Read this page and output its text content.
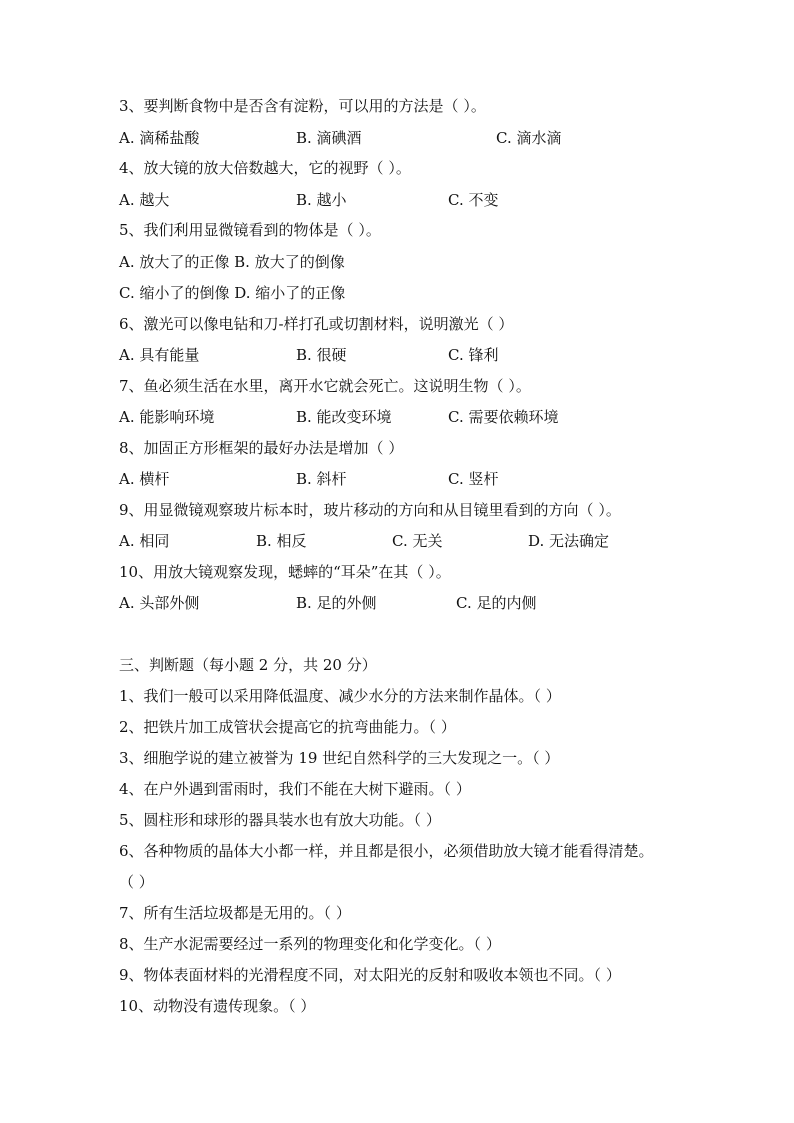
3、要判断食物中是否含有淀粉，可以用的方法是（ ）。
A. 滴稀盐酸	B. 滴碘酒	C. 滴水滴
4、放大镜的放大倍数越大，它的视野（ ）。
A. 越大	B. 越小	C. 不变
5、我们利用显微镜看到的物体是（ ）。
A. 放大了的正像 B. 放大了的倒像
C. 缩小了的倒像 D. 缩小了的正像
6、激光可以像电钻和刀-样打孔或切割材料，说明激光（ ）
A. 具有能量	B. 很硬	C. 锋利
7、鱼必须生活在水里，离开水它就会死亡。这说明生物（ ）。
A. 能影响环境	B. 能改变环境	C. 需要依赖环境
8、加固正方形框架的最好办法是增加（ ）
A. 横杆	B. 斜杆	C. 竖杆
9、用显微镜观察玻片标本时，玻片移动的方向和从目镜里看到的方向（ ）。
A. 相同	B. 相反	C. 无关	D. 无法确定
10、用放大镜观察发现，蟋蟀的“耳朵”在其（ ）。
A. 头部外侧	B. 足的外侧	C. 足的内侧
三、判断题（每小题 2 分，共 20 分）
1、我们一般可以采用降低温度、减少水分的方法来制作晶体。（ ）
2、把铁片加工成管状会提高它的抗弯曲能力。（ ）
3、细胞学说的建立被誉为 19 世纪自然科学的三大发现之一。（ ）
4、在户外遇到雷雨时，我们不能在大树下避雨。（ ）
5、圆柱形和球形的器具装水也有放大功能。（ ）
6、各种物质的晶体大小都一样，并且都是很小，必须借助放大镜才能看得清楚。
（ ）
7、所有生活垃圾都是无用的。（ ）
8、生产水泥需要经过一系列的物理变化和化学变化。（ ）
9、物体表面材料的光滑程度不同，对太阳光的反射和吸收本领也不同。（ ）
10、动物没有遗传现象。（ ）
